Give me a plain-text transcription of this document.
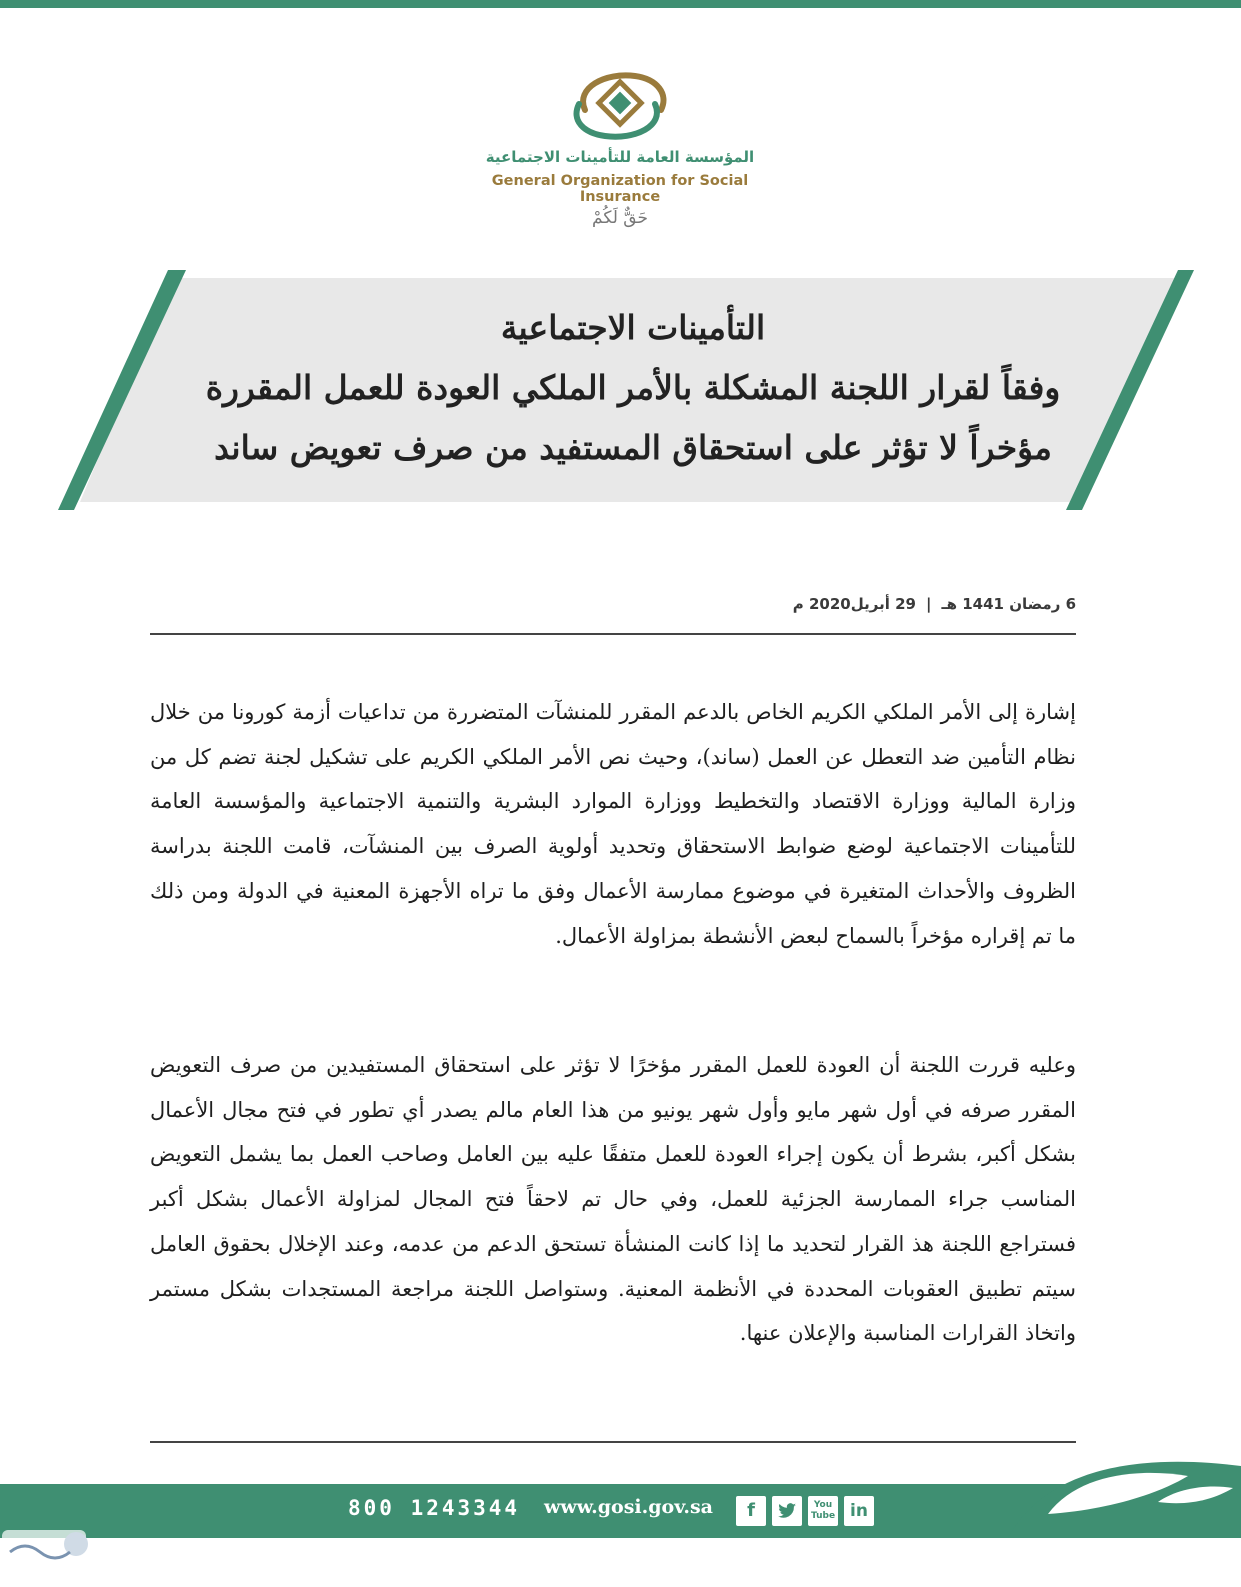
المؤسسة العامة للتأمينات الاجتماعية
General Organization for Social Insurance
حَقٌّ لَكُمْ
التأمينات الاجتماعية
وفقاً لقرار اللجنة المشكلة بالأمر الملكي العودة للعمل المقررة
مؤخراً لا تؤثر على استحقاق المستفيد من صرف تعويض ساند
6 رمضان 1441 هـ|29 أبريل2020 م
إشارة إلى الأمر الملكي الكريم الخاص بالدعم المقرر للمنشآت المتضررة من تداعيات أزمة كورونا من خلال نظام التأمين ضد التعطل عن العمل (ساند)، وحيث نص الأمر الملكي الكريم على تشكيل لجنة تضم كل من وزارة المالية ووزارة الاقتصاد والتخطيط ووزارة الموارد البشرية والتنمية الاجتماعية والمؤسسة العامة للتأمينات الاجتماعية لوضع ضوابط الاستحقاق وتحديد أولوية الصرف بين المنشآت، قامت اللجنة بدراسة الظروف والأحداث المتغيرة في موضوع ممارسة الأعمال وفق ما تراه الأجهزة المعنية في الدولة ومن ذلك ما تم إقراره مؤخراً بالسماح لبعض الأنشطة بمزاولة الأعمال.
وعليه قررت اللجنة أن العودة للعمل المقرر مؤخرًا لا تؤثر على استحقاق المستفيدين من صرف التعويض المقرر صرفه في أول شهر مايو وأول شهر يونيو من هذا العام مالم يصدر أي تطور في فتح مجال الأعمال بشكل أكبر، بشرط أن يكون إجراء العودة للعمل متفقًا عليه بين العامل وصاحب العمل بما يشمل التعويض المناسب جراء الممارسة الجزئية للعمل، وفي حال تم لاحقاً فتح المجال لمزاولة الأعمال بشكل أكبر فستراجع اللجنة هذ القرار لتحديد ما إذا كانت المنشأة تستحق الدعم من عدمه، وعند الإخلال بحقوق العامل سيتم تطبيق العقوبات المحددة في الأنظمة المعنية. وستواصل اللجنة مراجعة المستجدات بشكل مستمر واتخاذ القرارات المناسبة والإعلان عنها.
800 1243344 www.gosi.gov.sa	f	You
Tube in
